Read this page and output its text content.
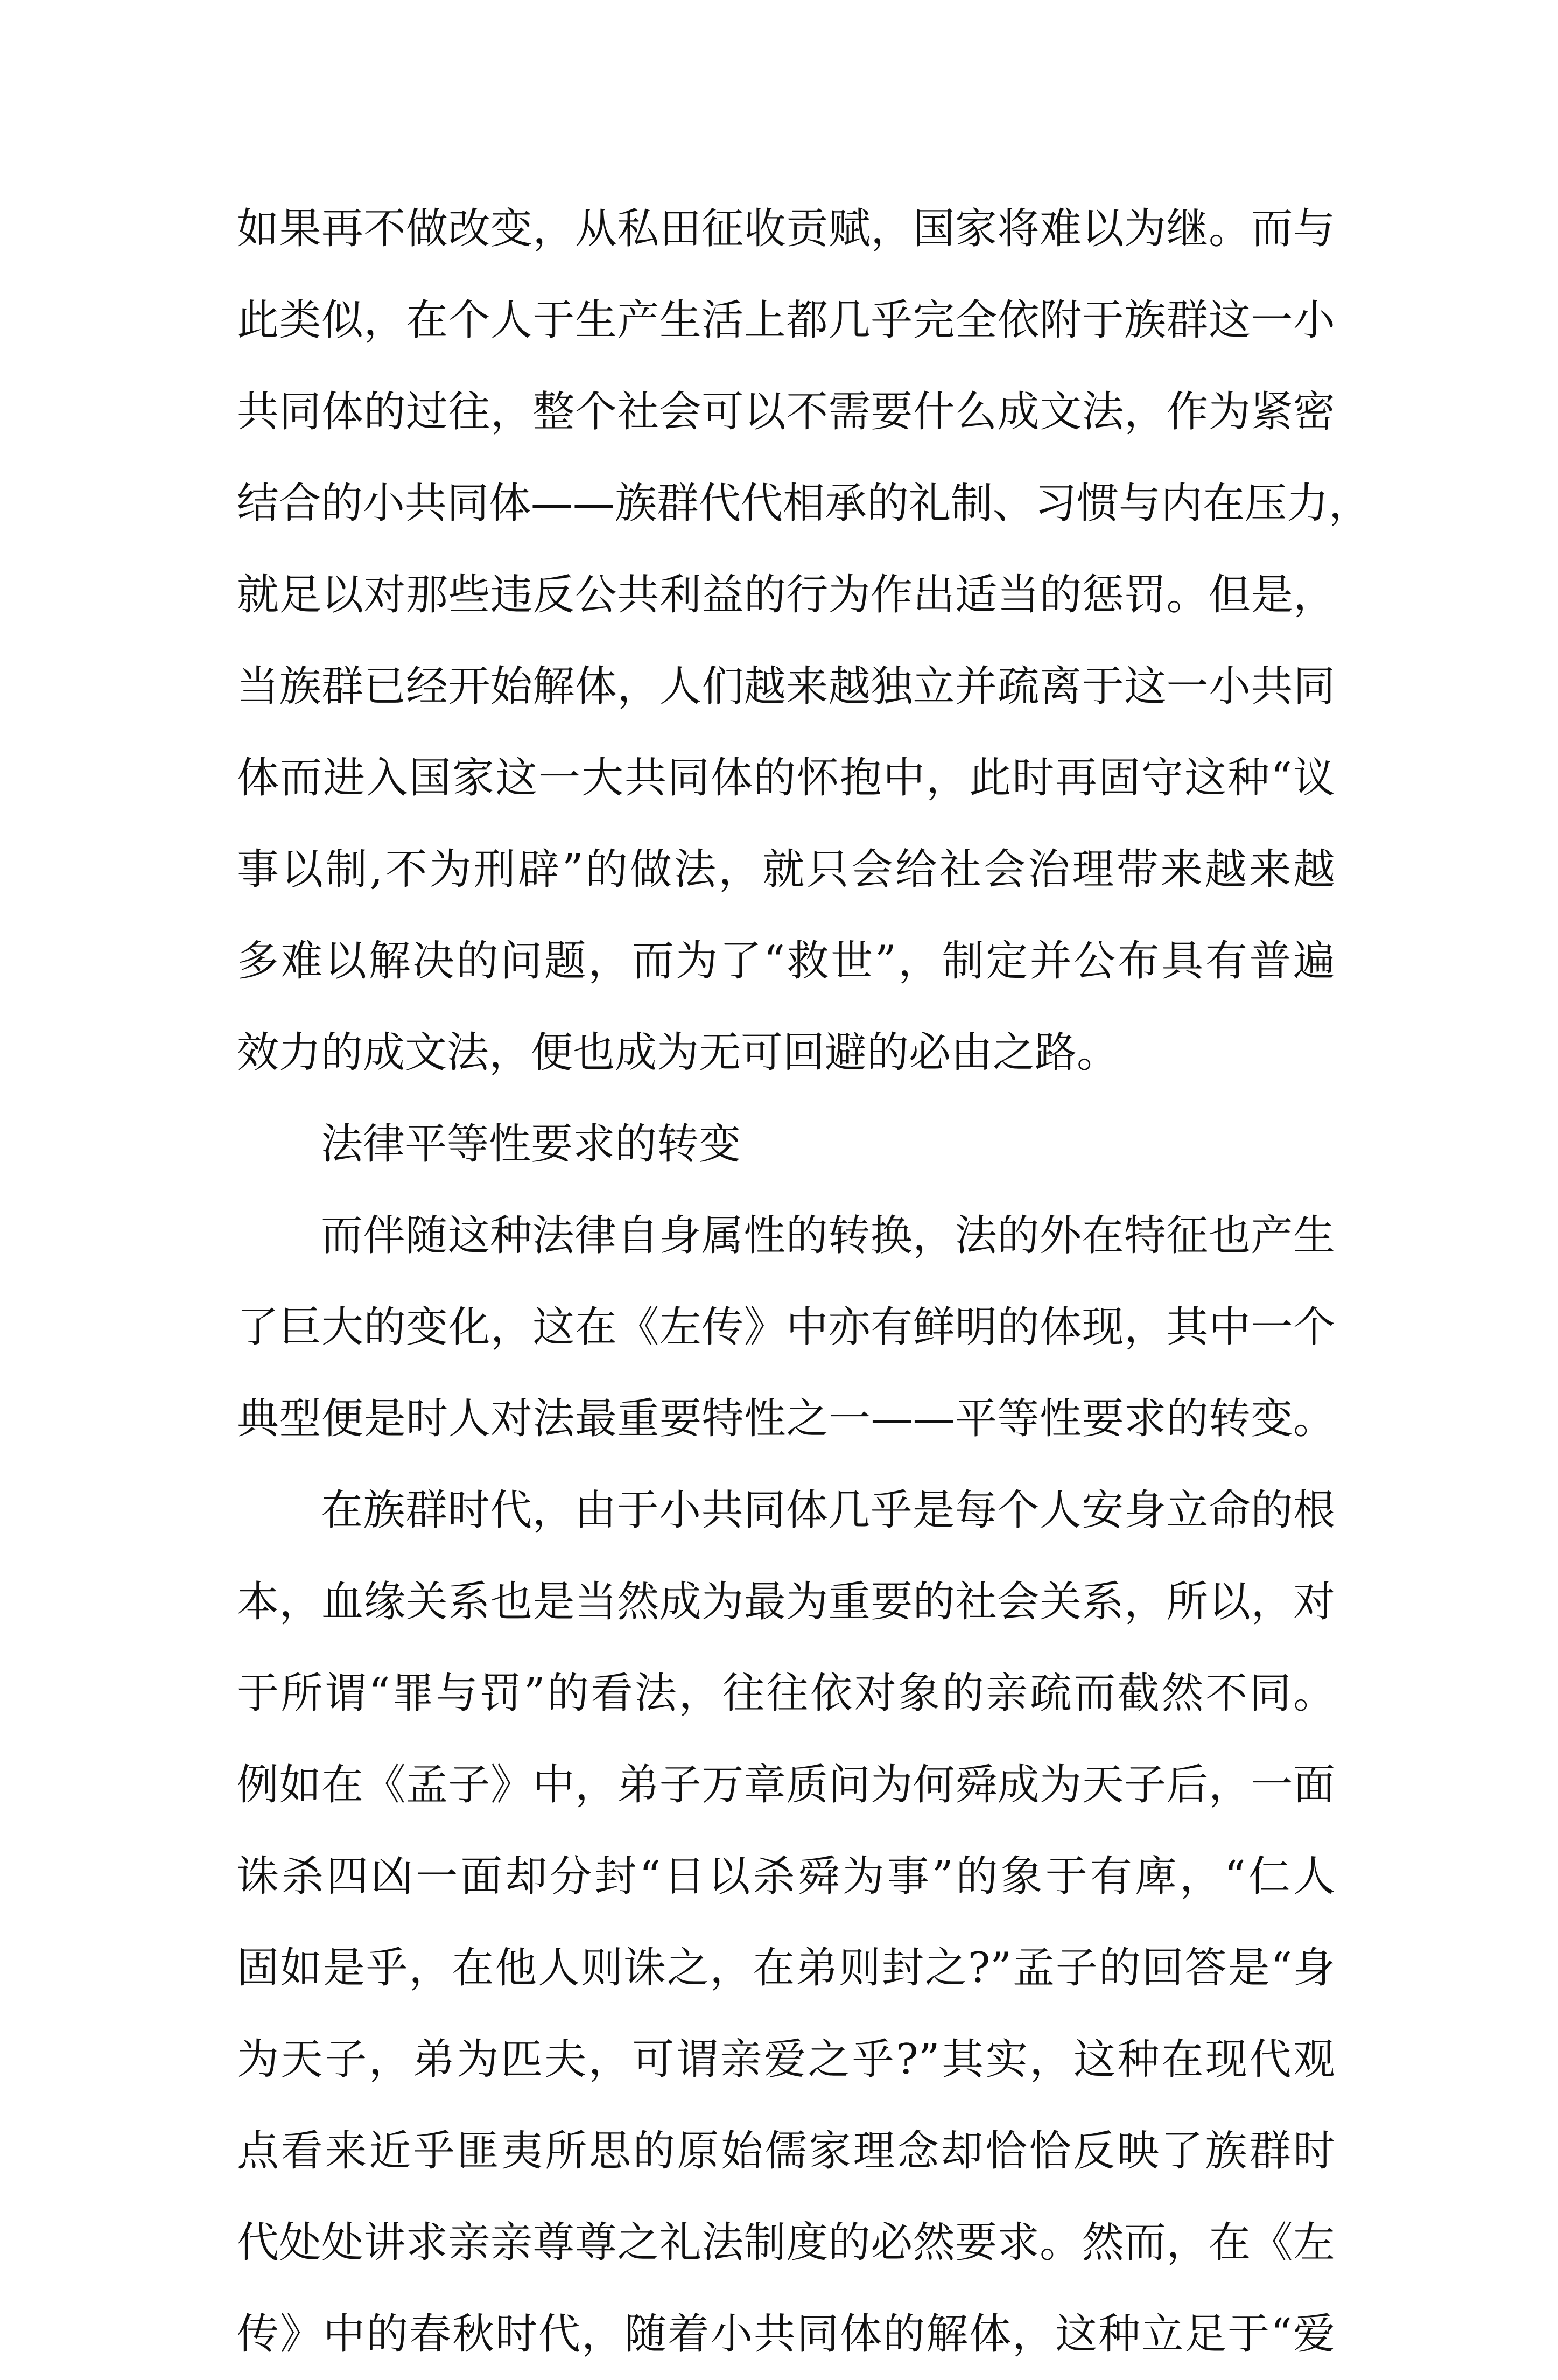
如果再不做改变，从私田征收贡赋，国家将难以为继。而与
此类似，在个人于生产生活上都几乎完全依附于族群这一小
共同体的过往，整个社会可以不需要什么成文法，作为紧密
结合的小共同体——族群代代相承的礼制、习惯与内在压力，
就足以对那些违反公共利益的行为作出适当的惩罚。但是，
当族群已经开始解体，人们越来越独立并疏离于这一小共同
体而进入国家这一大共同体的怀抱中，此时再固守这种“议
事以制,不为刑辟”的做法，就只会给社会治理带来越来越
多难以解决的问题，而为了“救世”，制定并公布具有普遍
效力的成文法，便也成为无可回避的必由之路。
法律平等性要求的转变
而伴随这种法律自身属性的转换，法的外在特征也产生
了巨大的变化，这在《左传》中亦有鲜明的体现，其中一个
典型便是时人对法最重要特性之一——平等性要求的转变。
在族群时代，由于小共同体几乎是每个人安身立命的根
本，血缘关系也是当然成为最为重要的社会关系，所以，对
于所谓“罪与罚”的看法，往往依对象的亲疏而截然不同。
例如在《孟子》中，弟子万章质问为何舜成为天子后，一面
诛杀四凶一面却分封“日以杀舜为事”的象于有庳，“仁人
固如是乎，在他人则诛之，在弟则封之?”孟子的回答是“身
为天子，弟为匹夫，可谓亲爱之乎?”其实，这种在现代观
点看来近乎匪夷所思的原始儒家理念却恰恰反映了族群时
代处处讲求亲亲尊尊之礼法制度的必然要求。然而，在《左
传》中的春秋时代，随着小共同体的解体，这种立足于“爱
